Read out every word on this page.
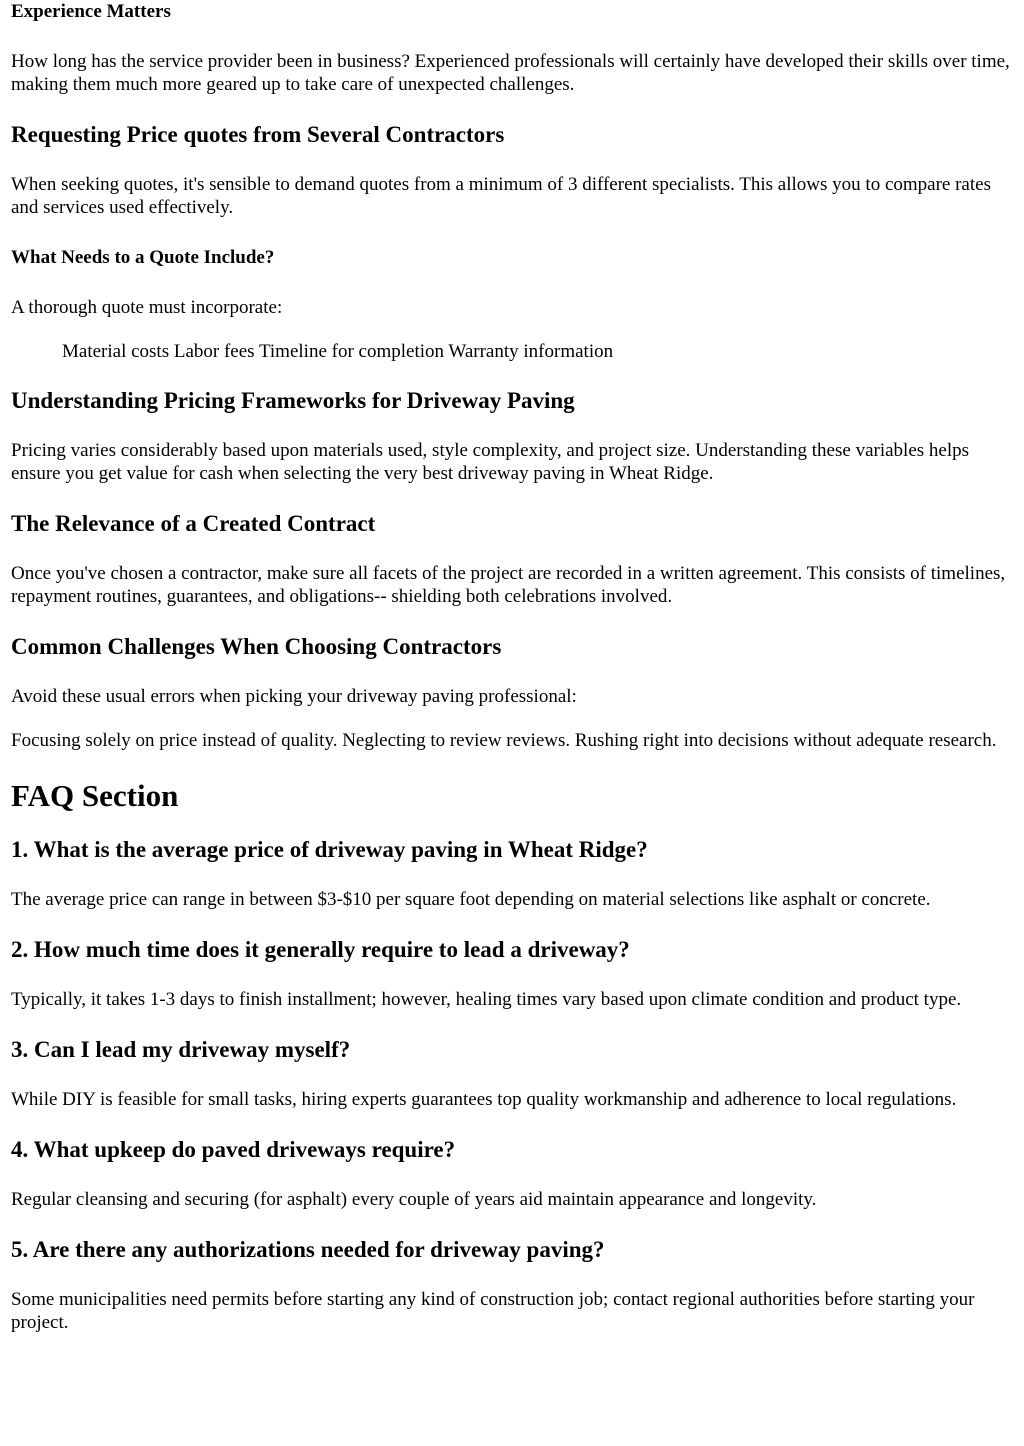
Experience Matters

How long has the service provider been in business? Experienced professionals will certainly have developed their skills over time, making them much more geared up to take care of unexpected challenges.

Requesting Price quotes from Several Contractors

When seeking quotes, it's sensible to demand quotes from a minimum of 3 different specialists. This allows you to compare rates and services used effectively.

What Needs to a Quote Include?

A thorough quote must incorporate:

Material costs Labor fees Timeline for completion Warranty information

Understanding Pricing Frameworks for Driveway Paving

Pricing varies considerably based upon materials used, style complexity, and project size. Understanding these variables helps ensure you get value for cash when selecting the very best driveway paving in Wheat Ridge.

The Relevance of a Created Contract

Once you've chosen a contractor, make sure all facets of the project are recorded in a written agreement. This consists of timelines, repayment routines, guarantees, and obligations-- shielding both celebrations involved.

Common Challenges When Choosing Contractors

Avoid these usual errors when picking your driveway paving professional:

Focusing solely on price instead of quality. Neglecting to review reviews. Rushing right into decisions without adequate research.

FAQ Section
1. What is the average price of driveway paving in Wheat Ridge?

The average price can range in between $3-$10 per square foot depending on material selections like asphalt or concrete.

2. How much time does it generally require to lead a driveway?

Typically, it takes 1-3 days to finish installment; however, healing times vary based upon climate condition and product type.

3. Can I lead my driveway myself?

While DIY is feasible for small tasks, hiring experts guarantees top quality workmanship and adherence to local regulations.

4. What upkeep do paved driveways require?

Regular cleansing and securing (for asphalt) every couple of years aid maintain appearance and longevity.

5. Are there any authorizations needed for driveway paving?

Some municipalities need permits before starting any kind of construction job; contact regional authorities before starting your project.
